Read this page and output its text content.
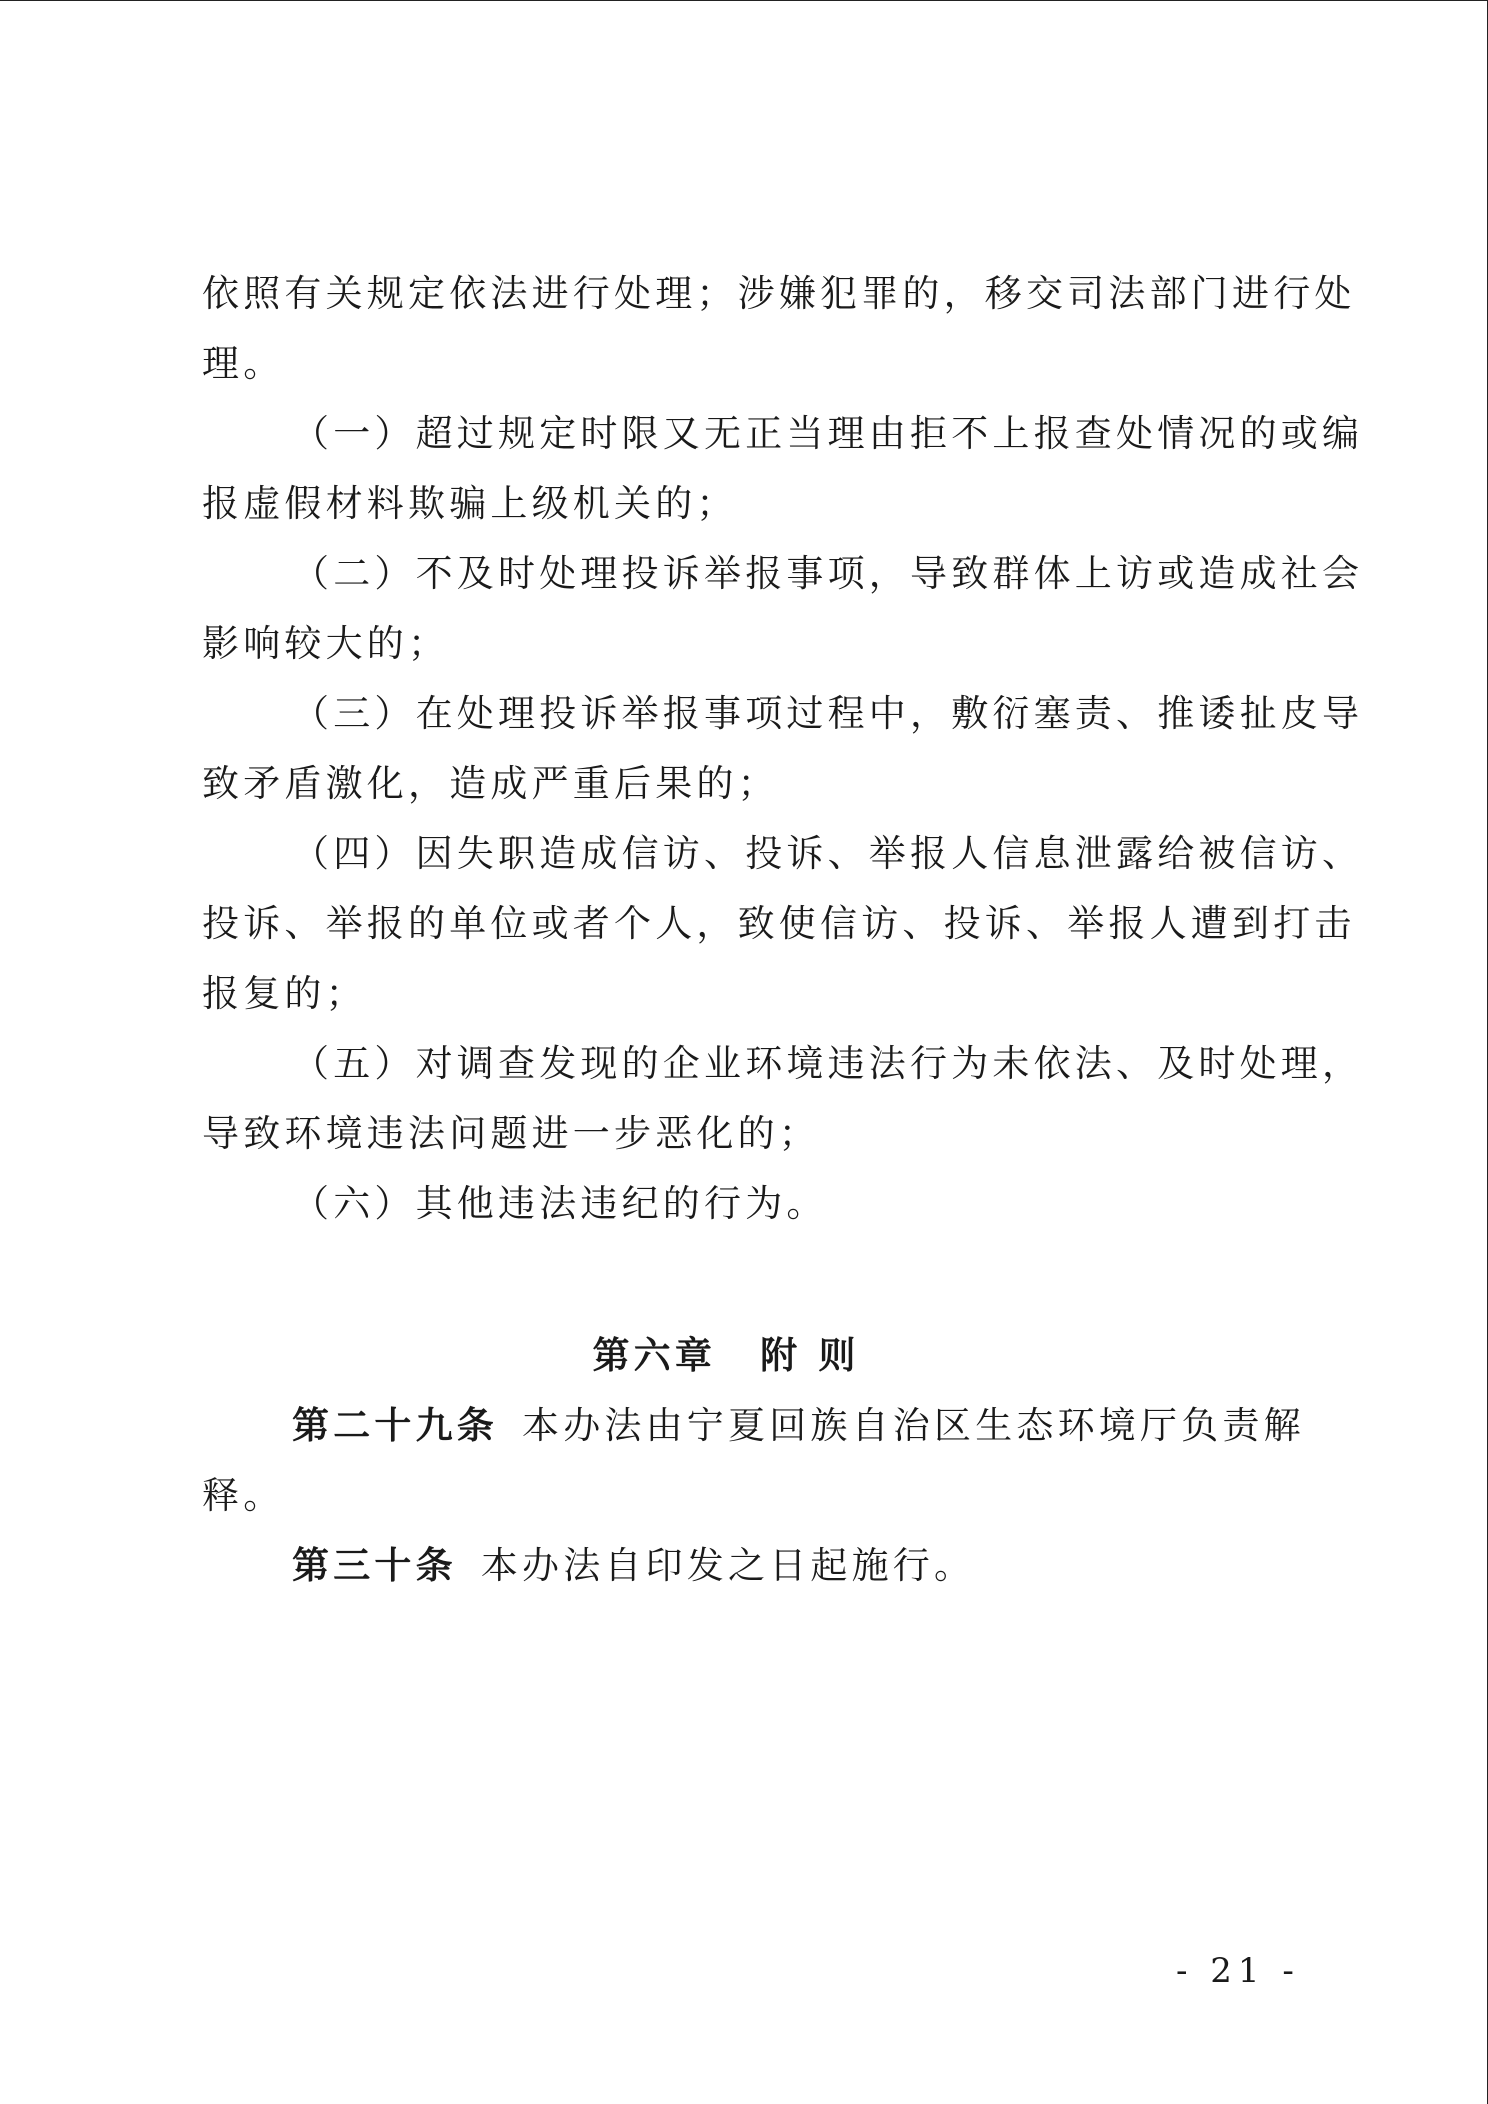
依照有关规定依法进行处理；涉嫌犯罪的，移交司法部门进行处
理。
（一）超过规定时限又无正当理由拒不上报查处情况的或编
报虚假材料欺骗上级机关的；
（二）不及时处理投诉举报事项，导致群体上访或造成社会
影响较大的；
（三）在处理投诉举报事项过程中，敷衍塞责、推诿扯皮导
致矛盾激化，造成严重后果的；
（四）因失职造成信访、投诉、举报人信息泄露给被信访、
投诉、举报的单位或者个人，致使信访、投诉、举报人遭到打击
报复的；
（五）对调查发现的企业环境违法行为未依法、及时处理，
导致环境违法问题进一步恶化的；
（六）其他违法违纪的行为。
第六章 附 则
第二十九条 本办法由宁夏回族自治区生态环境厅负责解
释。
第三十条 本办法自印发之日起施行。
- 21 -
